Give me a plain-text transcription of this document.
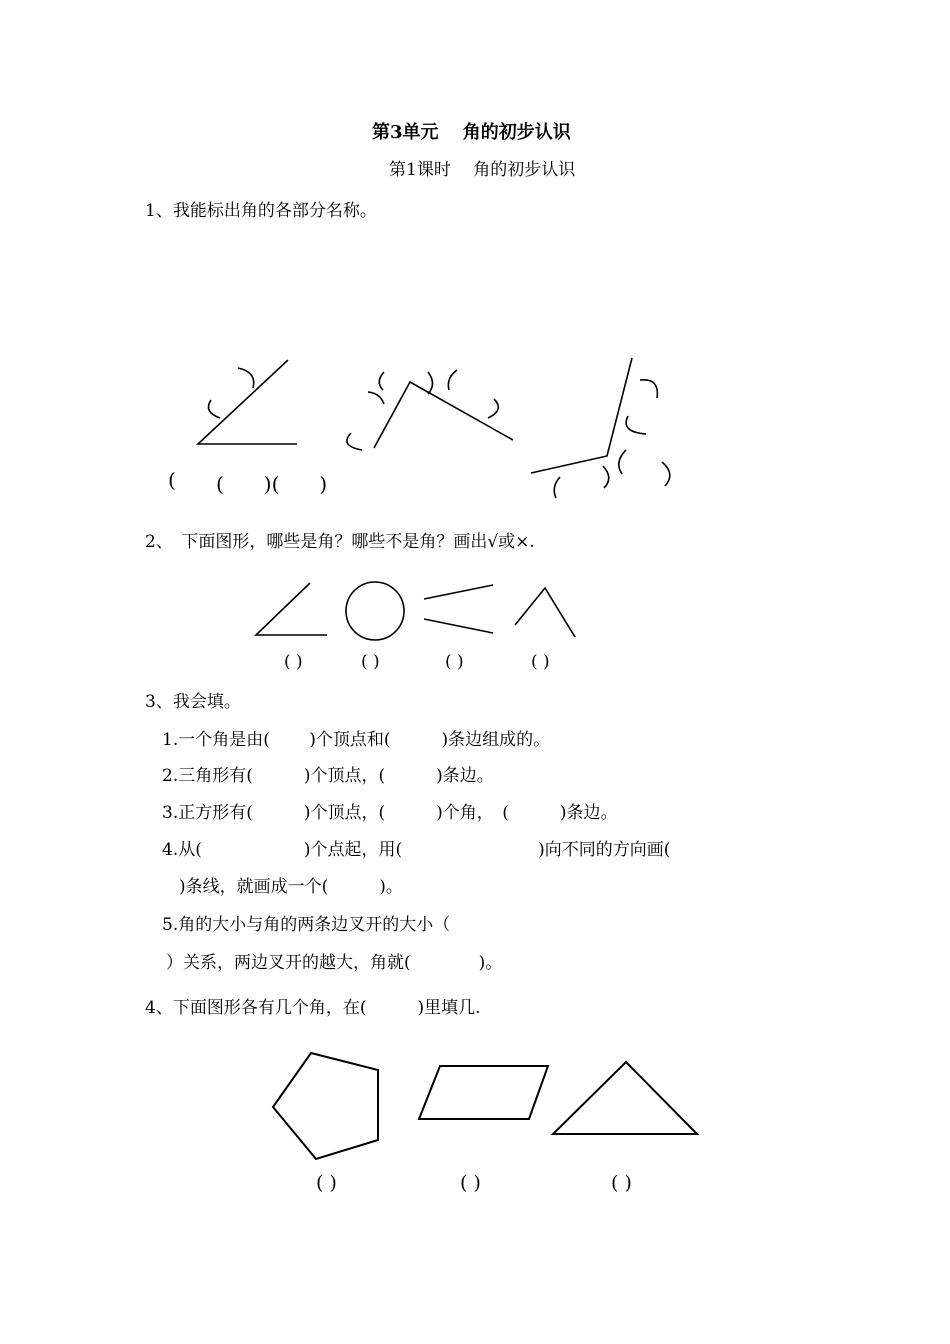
第3单元　 角的初步认识
第1课时　 角的初步认识
1、我能标出角的各部分名称。
( (　　)(　　)
2、　下面图形，哪些是角？哪些不是角？画出√或×.
( )	( )	( )	( )
3、我会填。
1.一个角是由(　　 )个顶点和(　　　)条边组成的。
2.三角形有(　　　)个顶点，(　　　)条边。
3.正方形有(　　　)个顶点，(　　　)个角，　(　　　)条边。
4.从(　　　　　　)个点起，用(　　　　　　　　)向不同的方向画(
)条线，就画成一个(　　　)。
5.角的大小与角的两条边叉开的大小（
）关系，两边叉开的越大，角就(　　　　)。
4、下面图形各有几个角，在(　　　)里填几.
( )	( )	( )
